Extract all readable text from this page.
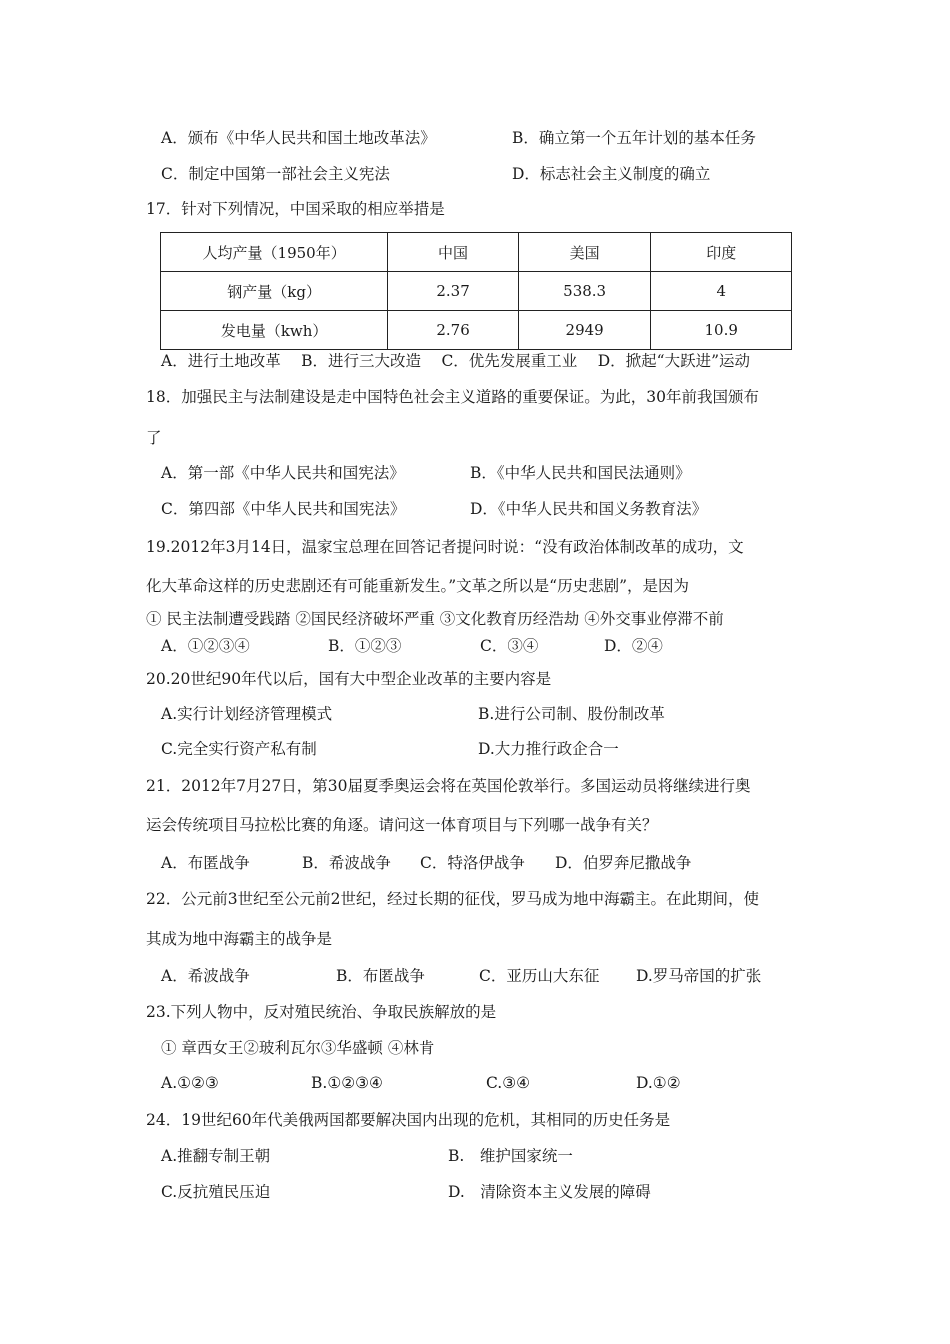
A．颁布《中华人民共和国土地改革法》	B．确立第一个五年计划的基本任务
C．制定中国第一部社会主义宪法	D．标志社会主义制度的确立
17．针对下列情况，中国采取的相应举措是
人均产量（1950年）	中国	美国	印度
钢产量（kg）	2.37	538.3	4
发电量（kwh）	2.76	2949	10.9
A．进行土地改革　 B．进行三大改造　 C．优先发展重工业　 D．掀起“大跃进”运动
18．加强民主与法制建设是走中国特色社会主义道路的重要保证。为此，30年前我国颁布
了
A．第一部《中华人民共和国宪法》	B．《中华人民共和国民法通则》
C．第四部《中华人民共和国宪法》	D．《中华人民共和国义务教育法》
19.2012年3月14日，温家宝总理在回答记者提问时说：“没有政治体制改革的成功，文
化大革命这样的历史悲剧还有可能重新发生。”文革之所以是“历史悲剧”，是因为
① 民主法制遭受践踏 ②国民经济破坏严重 ③文化教育历经浩劫 ④外交事业停滞不前
A．①②③④	B．①②③	C．③④	D．②④
20.20世纪90年代以后，国有大中型企业改革的主要内容是
A.实行计划经济管理模式	B.进行公司制、股份制改革
C.完全实行资产私有制	D.大力推行政企合一
21．2012年7月27日，第30届夏季奥运会将在英国伦敦举行。多国运动员将继续进行奥
运会传统项目马拉松比赛的角逐。请问这一体育项目与下列哪一战争有关？
A．布匿战争	B．希波战争 C．特洛伊战争 D．伯罗奔尼撒战争
22．公元前3世纪至公元前2世纪，经过长期的征伐，罗马成为地中海霸主。在此期间，使
其成为地中海霸主的战争是
A．希波战争	B．布匿战争	C．亚历山大东征 D.罗马帝国的扩张
23.下列人物中，反对殖民统治、争取民族解放的是
① 章西女王②玻利瓦尔③华盛顿 ④林肯
A.①②③	B.①②③④	C.③④	D.①②
24．19世纪60年代美俄两国都要解决国内出现的危机，其相同的历史任务是
A.推翻专制王朝	B.　维护国家统一
C.反抗殖民压迫	D.　清除资本主义发展的障碍
